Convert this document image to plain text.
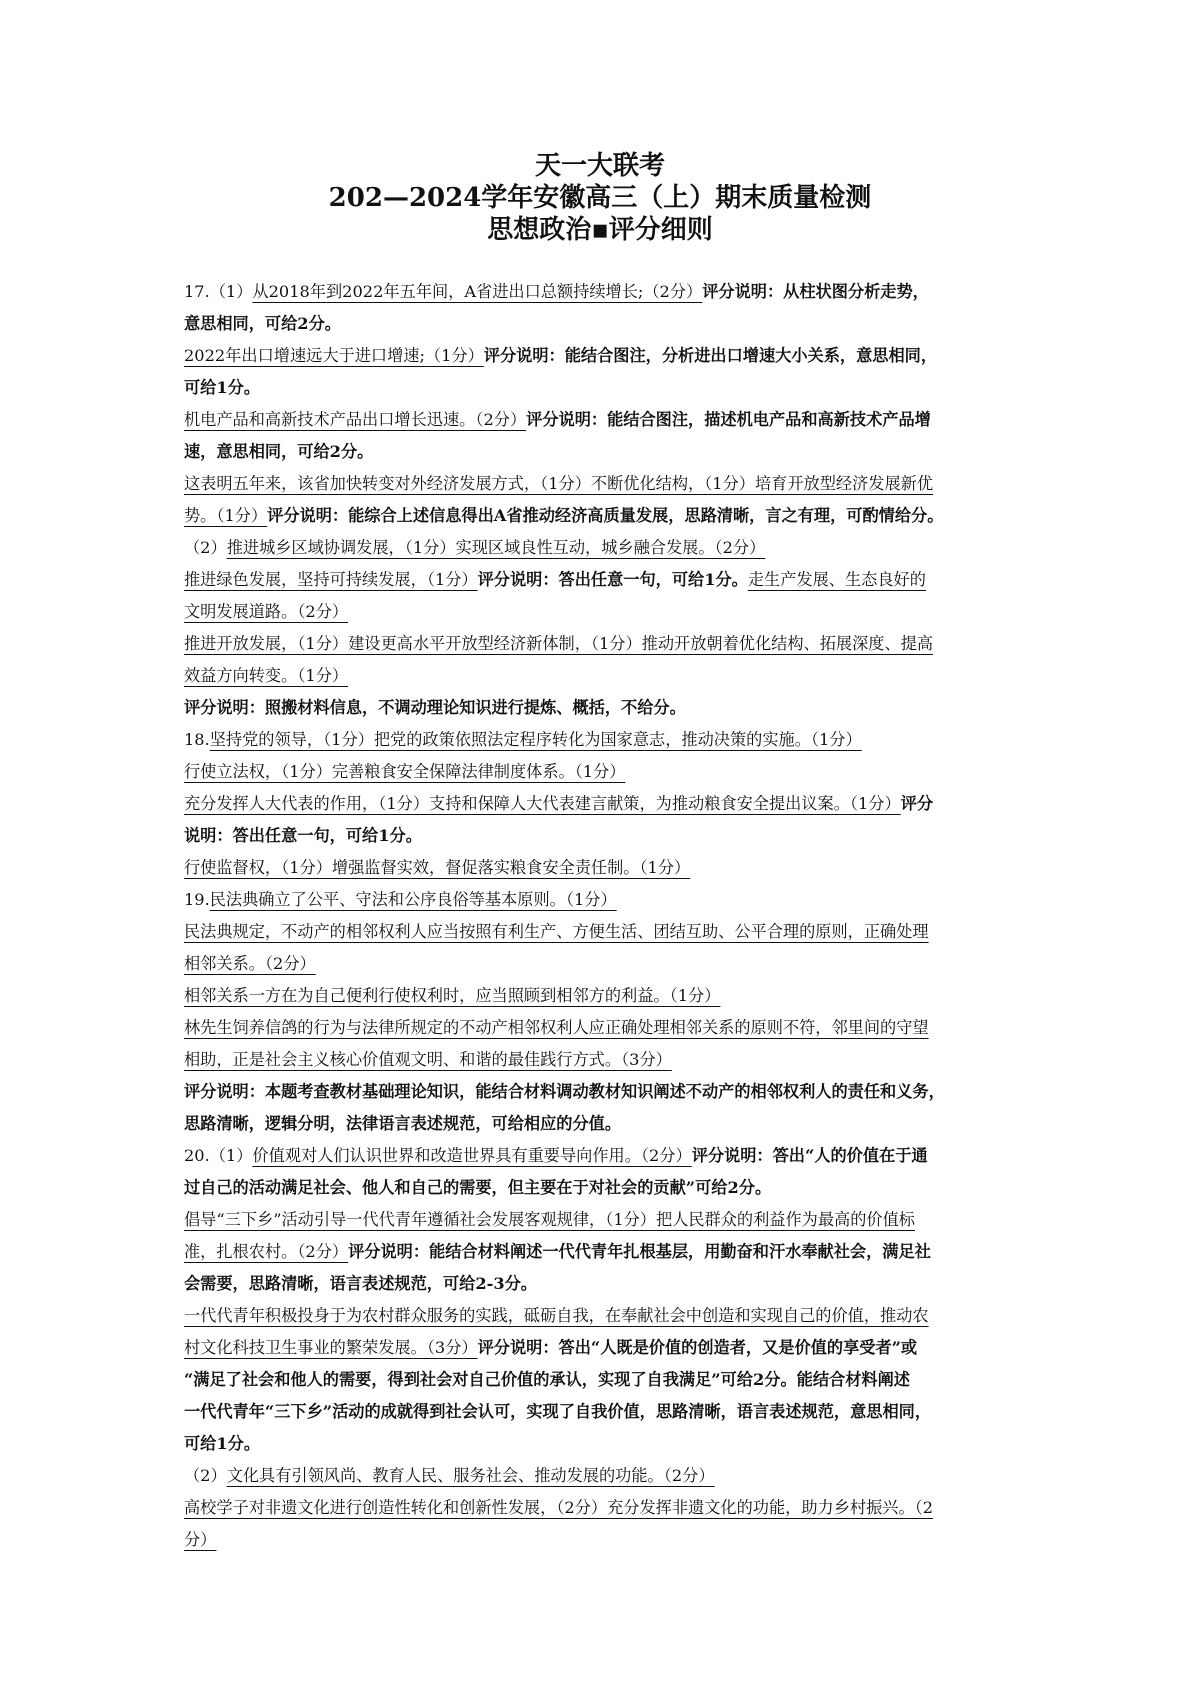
天一大联考
202—2024学年安徽高三（上）期末质量检测
思想政治▪评分细则
17.（1）从2018年到2022年五年间，A省进出口总额持续增长;（2分）评分说明：从柱状图分析走势，
意思相同，可给2分。
2022年出口增速远大于进口增速;（1分）评分说明：能结合图注，分析进出口增速大小关系，意思相同，
可给1分。
机电产品和高新技术产品出口增长迅速。（2分）评分说明：能结合图注，描述机电产品和高新技术产品增
速，意思相同，可给2分。
这表明五年来，该省加快转变对外经济发展方式，（1分）不断优化结构，（1分）培育开放型经济发展新优
势。（1分）评分说明：能综合上述信息得出A省推动经济高质量发展，思路清晰，言之有理，可酌情给分。
（2）推进城乡区域协调发展，（1分）实现区域良性互动，城乡融合发展。（2分）
推进绿色发展，坚持可持续发展，（1分）评分说明：答出任意一句，可给1分。走生产发展、生态良好的
文明发展道路。（2分）
推进开放发展，（1分）建设更高水平开放型经济新体制，（1分）推动开放朝着优化结构、拓展深度、提高
效益方向转变。（1分）
评分说明：照搬材料信息，不调动理论知识进行提炼、概括，不给分。
18.坚持党的领导，（1分）把党的政策依照法定程序转化为国家意志，推动决策的实施。（1分）
行使立法权，（1分）完善粮食安全保障法律制度体系。（1分）
充分发挥人大代表的作用，（1分）支持和保障人大代表建言献策，为推动粮食安全提出议案。（1分）评分
说明：答出任意一句，可给1分。
行使监督权，（1分）增强监督实效，督促落实粮食安全责任制。（1分）
19.民法典确立了公平、守法和公序良俗等基本原则。（1分）
民法典规定，不动产的相邻权利人应当按照有利生产、方便生活、团结互助、公平合理的原则，正确处理
相邻关系。（2分）
相邻关系一方在为自己便利行使权利时，应当照顾到相邻方的利益。（1分）
林先生饲养信鸽的行为与法律所规定的不动产相邻权利人应正确处理相邻关系的原则不符，邻里间的守望
相助，正是社会主义核心价值观文明、和谐的最佳践行方式。（3分）
评分说明：本题考查教材基础理论知识，能结合材料调动教材知识阐述不动产的相邻权利人的责任和义务，
思路清晰，逻辑分明，法律语言表述规范，可给相应的分值。
20.（1）价值观对人们认识世界和改造世界具有重要导向作用。（2分）评分说明：答出“人的价值在于通
过自己的活动满足社会、他人和自己的需要，但主要在于对社会的贡献”可给2分。
倡导“三下乡”活动引导一代代青年遵循社会发展客观规律，（1分）把人民群众的利益作为最高的价值标
准，扎根农村。（2分）评分说明：能结合材料阐述一代代青年扎根基层，用勤奋和汗水奉献社会，满足社
会需要，思路清晰，语言表述规范，可给2-3分。
一代代青年积极投身于为农村群众服务的实践，砥砺自我，在奉献社会中创造和实现自己的价值，推动农
村文化科技卫生事业的繁荣发展。（3分）评分说明：答出“人既是价值的创造者，又是价值的享受者”或
“满足了社会和他人的需要，得到社会对自己价值的承认，实现了自我满足”可给2分。能结合材料阐述
一代代青年“三下乡”活动的成就得到社会认可，实现了自我价值，思路清晰，语言表述规范，意思相同，
可给1分。
（2）文化具有引领风尚、教育人民、服务社会、推动发展的功能。（2分）
高校学子对非遗文化进行创造性转化和创新性发展，（2分）充分发挥非遗文化的功能，助力乡村振兴。（2
分）
